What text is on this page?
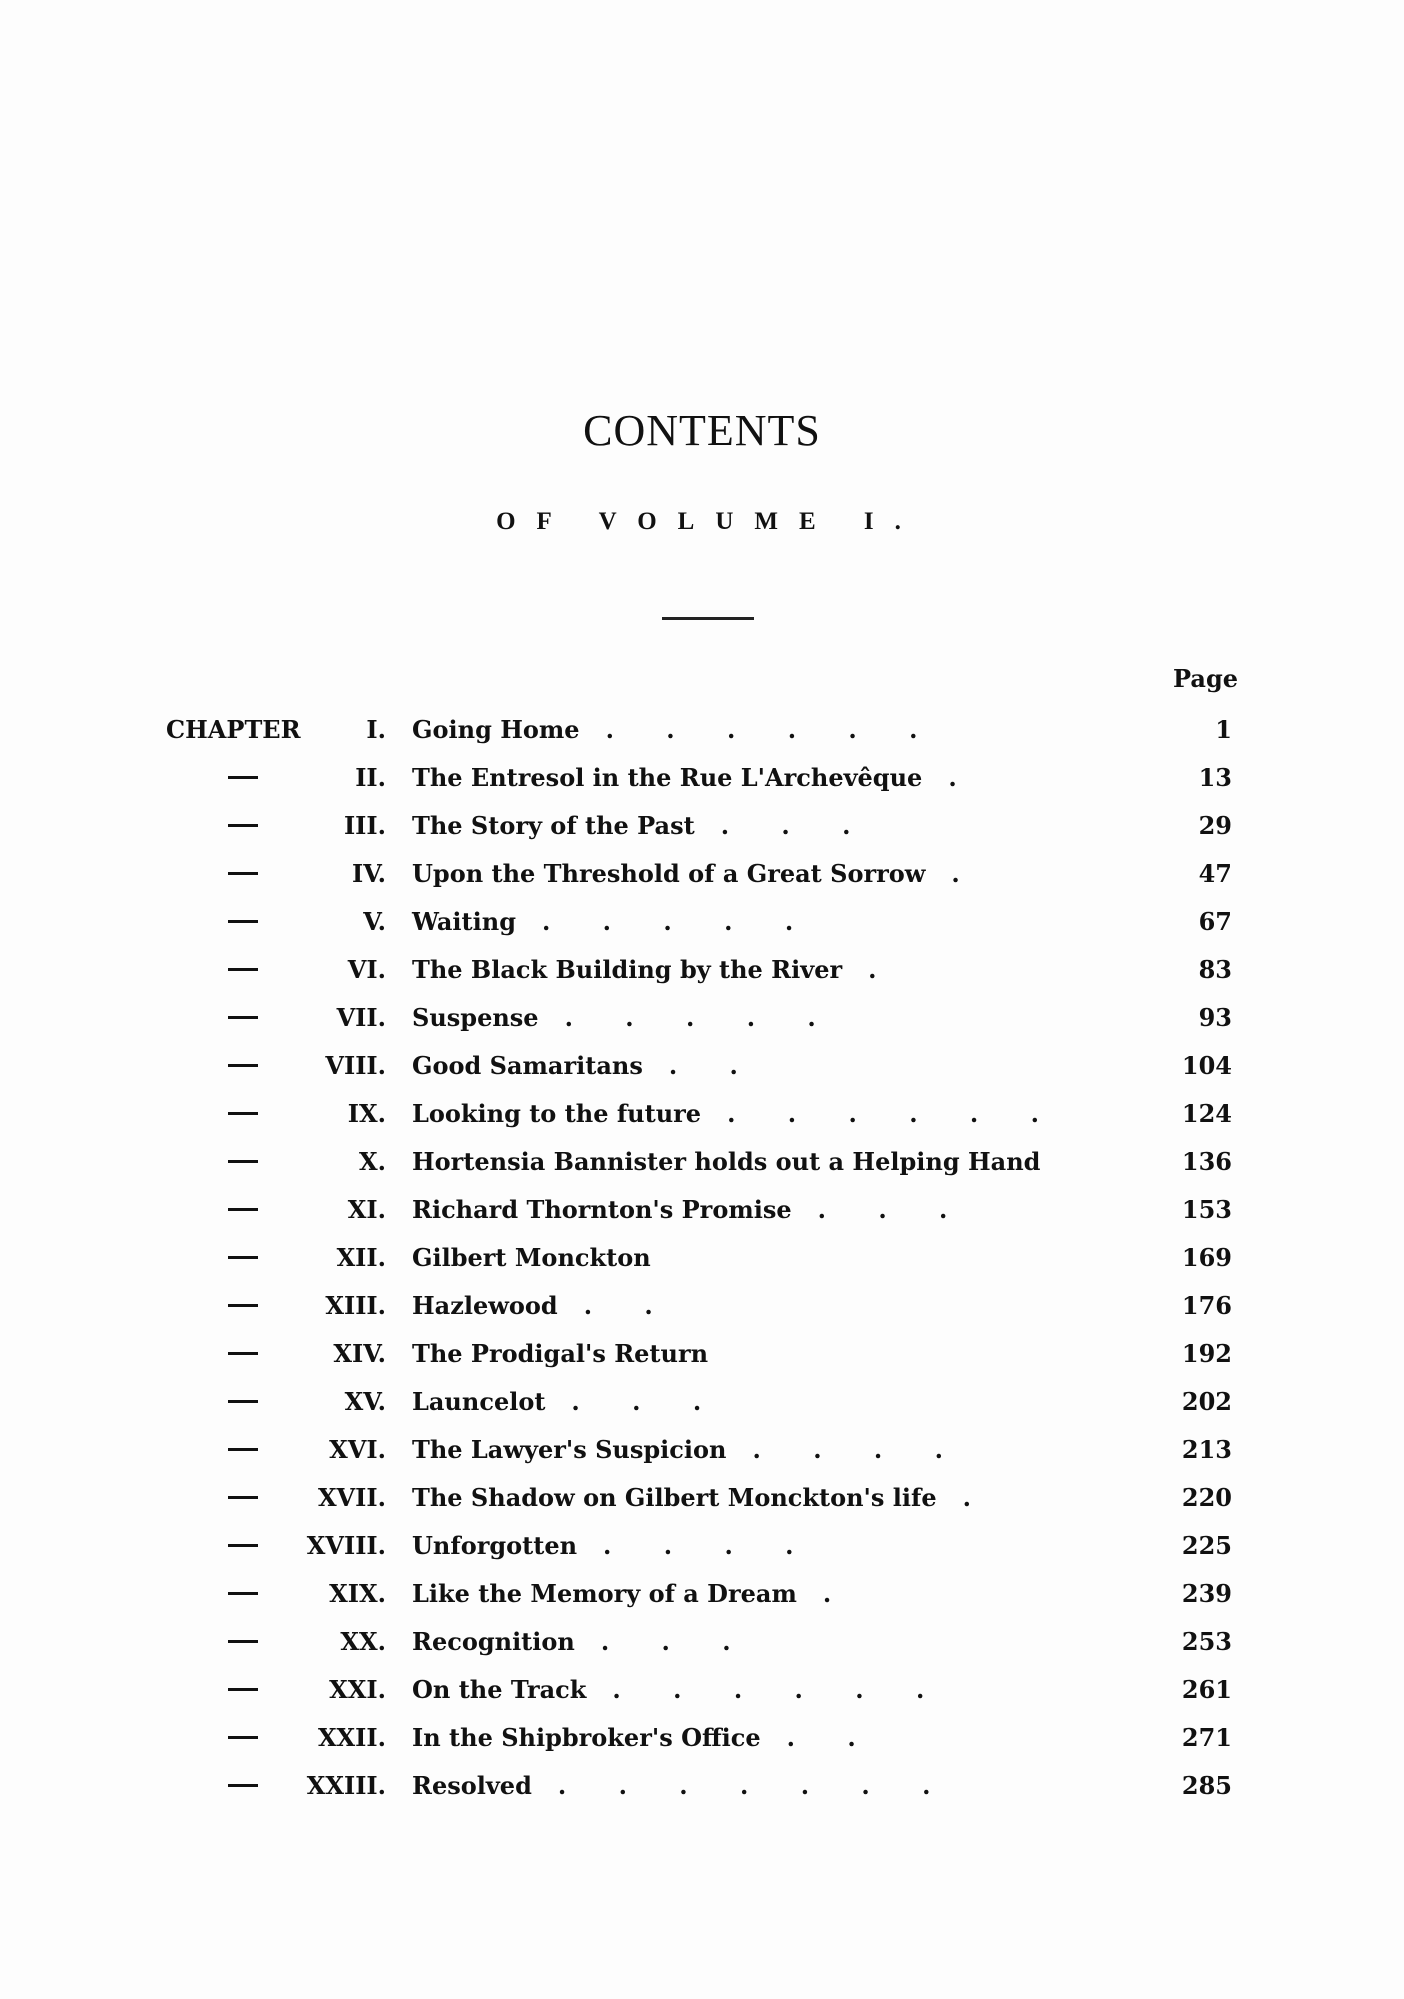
CONTENTS
OF VOLUME I.
Page
CHAPTER	I. Going Home . . . . . .	1
II. The Entresol in the Rue L'Archevêque .	13
III. The Story of the Past . . .	29
IV. Upon the Threshold of a Great Sorrow .	47
V. Waiting . . . . .	67
VI. The Black Building by the River .	83
VII. Suspense . . . . .	93
VIII. Good Samaritans . .	104
IX. Looking to the future . . . . . .	124
X. Hortensia Bannister holds out a Helping Hand	136
XI. Richard Thornton's Promise . . .	153
XII. Gilbert Monckton	169
XIII. Hazlewood . .	176
XIV. The Prodigal's Return	192
XV. Launcelot . . .	202
XVI. The Lawyer's Suspicion . . . .	213
XVII. The Shadow on Gilbert Monckton's life .	220
XVIII. Unforgotten . . . .	225
XIX. Like the Memory of a Dream .	239
XX. Recognition . . .	253
XXI. On the Track . . . . . .	261
XXII. In the Shipbroker's Office . .	271
XXIII. Resolved . . . . . . .	285
